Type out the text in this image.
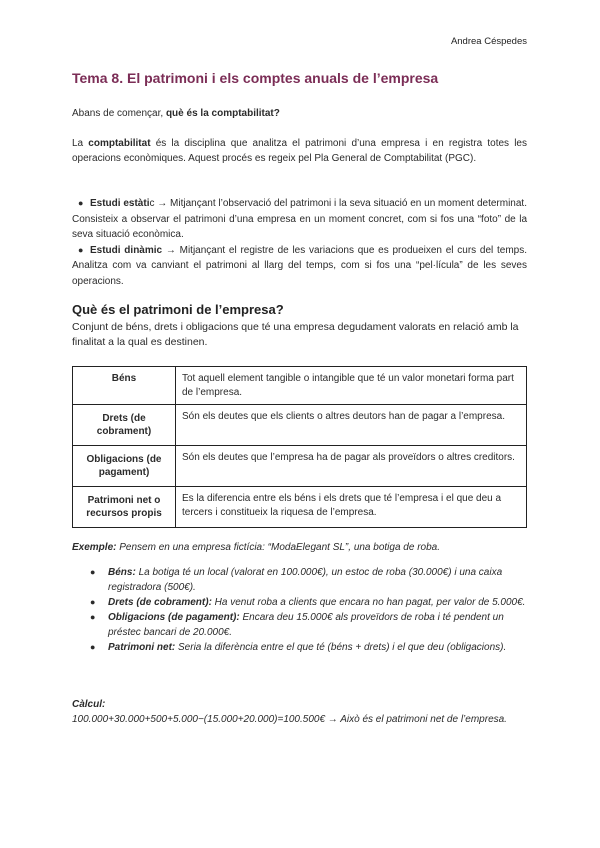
Andrea Céspedes
Tema 8. El patrimoni i els comptes anuals de l’empresa
Abans de començar, què és la comptabilitat?
La comptabilitat és la disciplina que analitza el patrimoni d’una empresa i en registra totes les operacions econòmiques. Aquest procés es regeix pel Pla General de Comptabilitat (PGC).
● Estudi estàtic → Mitjançant l’observació del patrimoni i la seva situació en un moment determinat. Consisteix a observar el patrimoni d’una empresa en un moment concret, com si fos una “foto” de la seva situació econòmica.
● Estudi dinàmic → Mitjançant el registre de les variacions que es produeixen el curs del temps. Analitza com va canviant el patrimoni al llarg del temps, com si fos una “pel·lícula” de les seves operacions.
Què és el patrimoni de l’empresa?
Conjunt de béns, drets i obligacions que té una empresa degudament valorats en relació amb la finalitat a la qual es destinen.
Béns	Tot aquell element tangible o intangible que té un valor monetari forma part de l’empresa.
Drets (de cobrament)	Són els deutes que els clients o altres deutors han de pagar a l’empresa.
Obligacions (de pagament)	Són els deutes que l’empresa ha de pagar als proveïdors o altres creditors.
Patrimoni net o recursos propis	Es la diferencia entre els béns i els drets que té l’empresa i el que deu a tercers i constitueix la riquesa de l’empresa.
Exemple: Pensem en una empresa fictícia: “ModaElegant SL”, una botiga de roba.
● Béns: La botiga té un local (valorat en 100.000€), un estoc de roba (30.000€) i una caixa registradora (500€).
● Drets (de cobrament): Ha venut roba a clients que encara no han pagat, per valor de 5.000€.
● Obligacions (de pagament): Encara deu 15.000€ als proveïdors de roba i té pendent un préstec bancari de 20.000€.
● Patrimoni net: Seria la diferència entre el que té (béns + drets) i el que deu (obligacions).
Càlcul:
100.000+30.000+500+5.000−(15.000+20.000)=100.500€ → Això és el patrimoni net de l’empresa.
